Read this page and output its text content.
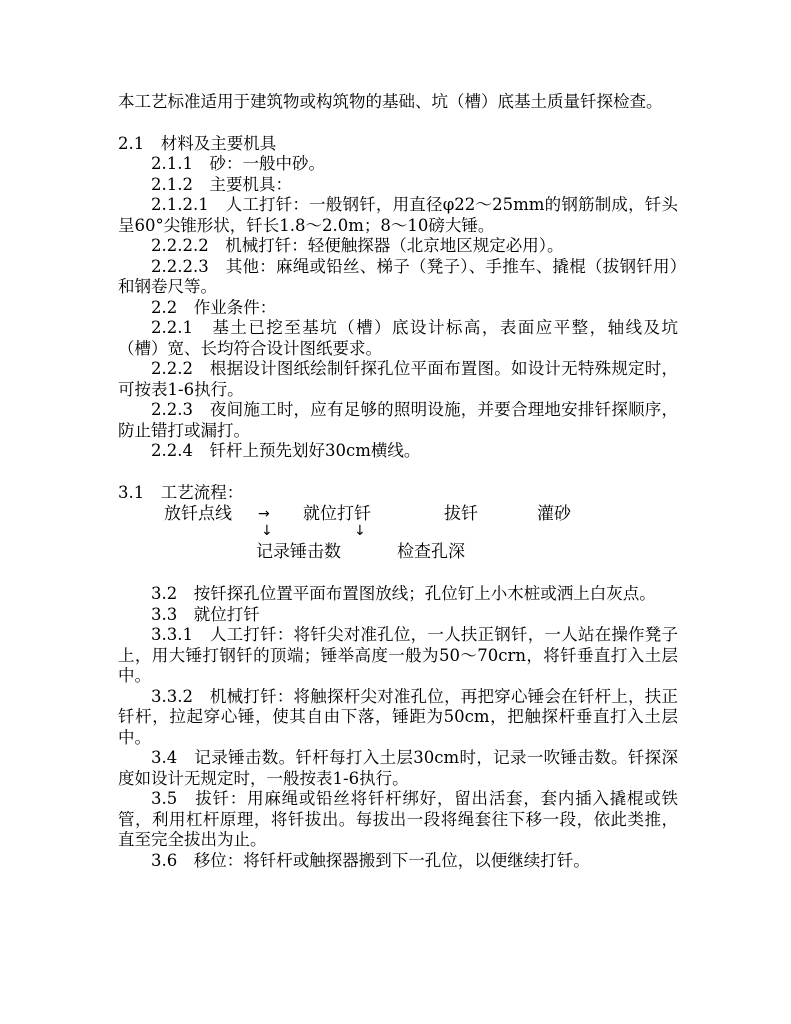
本工艺标准适用于建筑物或构筑物的基础、坑（槽）底基土质量钎探检查。

2.1　材料及主要机具

2.1.1　砂：一般中砂。

2.1.2　主要机具：

2.1.2.1　人工打钎：一般钢钎，用直径φ22～25mm的钢筋制成，钎头呈60°尖锥形状，钎长1.8～2.0m；8～10磅大锤。

2.2.2.2　机械打钎：轻便触探器（北京地区规定必用）。

2.2.2.3　其他：麻绳或铅丝、梯子（凳子）、手推车、撬棍（拔钢钎用）和钢卷尺等。

2.2　作业条件：

2.2.1　基土已挖至基坑（槽）底设计标高，表面应平整，轴线及坑（槽）宽、长均符合设计图纸要求。

2.2.2　根据设计图纸绘制钎探孔位平面布置图。如设计无特殊规定时，可按表1-6执行。

2.2.3　夜间施工时，应有足够的照明设施，并要合理地安排钎探顺序，防止错打或漏打。

2.2.4　钎杆上预先划好30cm横线。

3.1　工艺流程：

放钎点线 → 就位打钎	拔钎	灌砂
↓	↓
记录锤击数	检查孔深

3.2　按钎探孔位置平面布置图放线；孔位钉上小木桩或洒上白灰点。

3.3　就位打钎

3.3.1　人工打钎：将钎尖对准孔位，一人扶正钢钎，一人站在操作凳子上，用大锤打钢钎的顶端；锤举高度一般为50～70crn，将钎垂直打入土层中。

3.3.2　机械打钎：将触探杆尖对准孔位，再把穿心锤会在钎杆上，扶正钎杆，拉起穿心锤，使其自由下落，锤距为50cm，把触探杆垂直打入土层中。

3.4　记录锤击数。钎杆每打入土层30cm时，记录一吹锤击数。钎探深度如设计无规定时，一般按表1-6执行。

3.5　拔钎：用麻绳或铅丝将钎杆绑好，留出活套，套内插入撬棍或铁管，利用杠杆原理，将钎拔出。每拔出一段将绳套往下移一段，依此类推，直至完全拔出为止。

3.6　移位：将钎杆或触探器搬到下一孔位，以便继续打钎。
